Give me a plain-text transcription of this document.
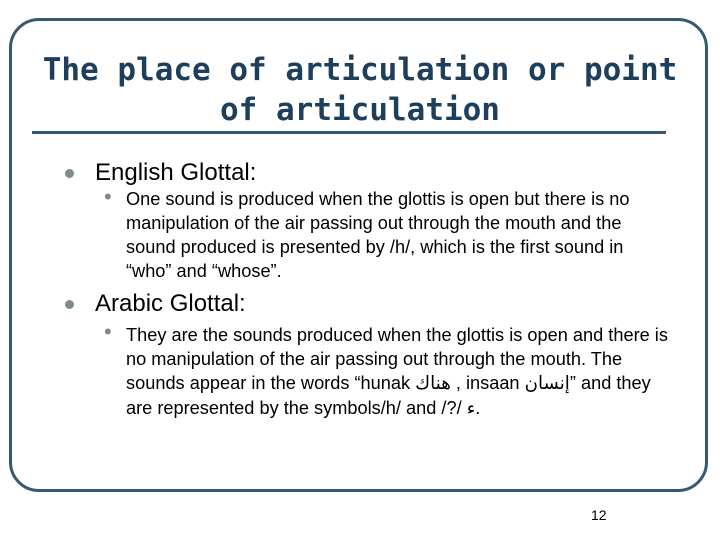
The place of articulation or point
of articulation
English Glottal:
• One sound is produced when the glottis is open but there is no manipulation of the air passing out through the mouth and the sound produced is presented by /h/, which is the first sound in “who” and “whose”.
Arabic Glottal:
• They are the sounds produced when the glottis is open and there is no manipulation of the air passing out through the mouth. The sounds appear in the words “hunak هناك , insaan إنسان” and they are represented by the symbols/h/ and /?/ ء.
12
